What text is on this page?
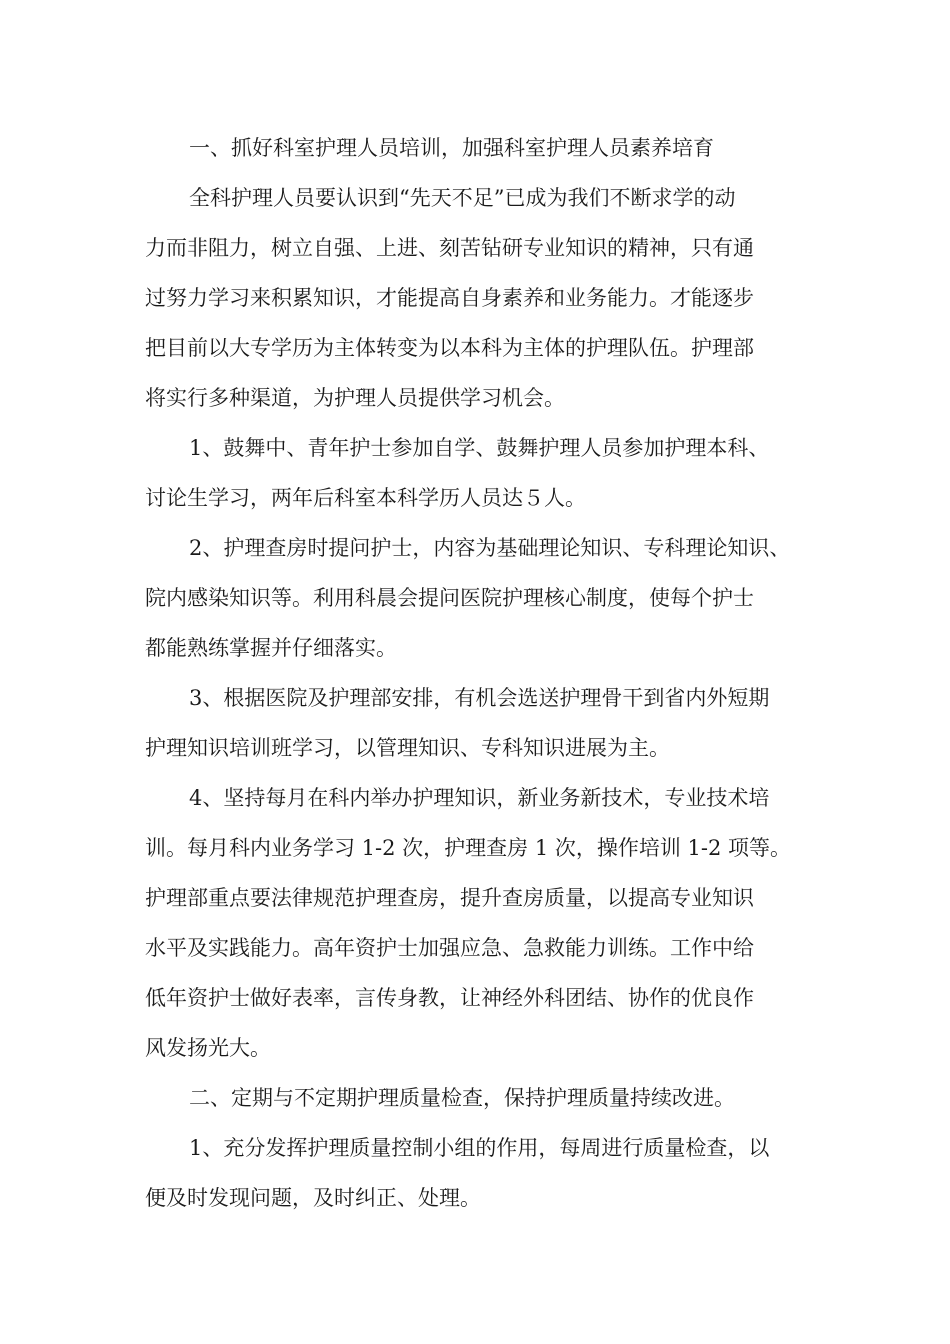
一、抓好科室护理人员培训，加强科室护理人员素养培育
全科护理人员要认识到“先天不足”已成为我们不断求学的动
力而非阻力，树立自强、上进、刻苦钻研专业知识的精神，只有通
过努力学习来积累知识，才能提高自身素养和业务能力。才能逐步
把目前以大专学历为主体转变为以本科为主体的护理队伍。护理部
将实行多种渠道，为护理人员提供学习机会。
1、鼓舞中、青年护士参加自学、鼓舞护理人员参加护理本科、
讨论生学习，两年后科室本科学历人员达５人。
2、护理查房时提问护士，内容为基础理论知识、专科理论知识、
院内感染知识等。利用科晨会提问医院护理核心制度，使每个护士
都能熟练掌握并仔细落实。
3、根据医院及护理部安排，有机会选送护理骨干到省内外短期
护理知识培训班学习，以管理知识、专科知识进展为主。
4、坚持每月在科内举办护理知识，新业务新技术，专业技术培
训。每月科内业务学习 1-2 次，护理查房 1 次，操作培训 1-2 项等。
护理部重点要法律规范护理查房，提升查房质量，以提高专业知识
水平及实践能力。高年资护士加强应急、急救能力训练。工作中给
低年资护士做好表率，言传身教，让神经外科团结、协作的优良作
风发扬光大。
二、定期与不定期护理质量检查，保持护理质量持续改进。
1、充分发挥护理质量控制小组的作用，每周进行质量检查，以
便及时发现问题，及时纠正、处理。
